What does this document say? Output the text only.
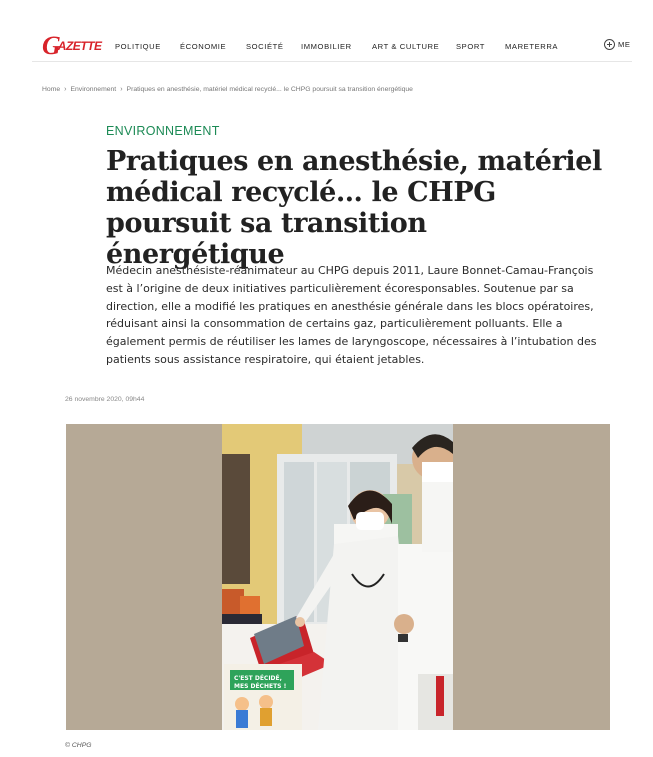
G
AZETTE POLITIQUE	ÉCONOMIE	SOCIÉTÉ	IMMOBILIER	ART & CULTURE	SPORT	MARETERRA	ME
Home › Environnement › Pratiques en anesthésie, matériel médical recyclé... le CHPG poursuit sa transition énergétique
ENVIRONNEMENT
Pratiques en anesthésie, matériel médical recyclé… le CHPG poursuit sa transition énergétique

Médecin anesthésiste-réanimateur au CHPG depuis 2011, Laure Bonnet-Camau-François est à l’origine de deux initiatives particulièrement écoresponsables. Soutenue par sa direction, elle a modifié les pratiques en anesthésie générale dans les blocs opératoires, réduisant ainsi la consommation de certains gaz, particulièrement polluants. Elle a également permis de réutiliser les lames de laryngoscope, nécessaires à l’intubation des patients sous assistance respiratoire, qui étaient jetables.

26 novembre 2020, 09h44
C'EST DÉCIDÉ,
MES DÉCHETS !
© CHPG
